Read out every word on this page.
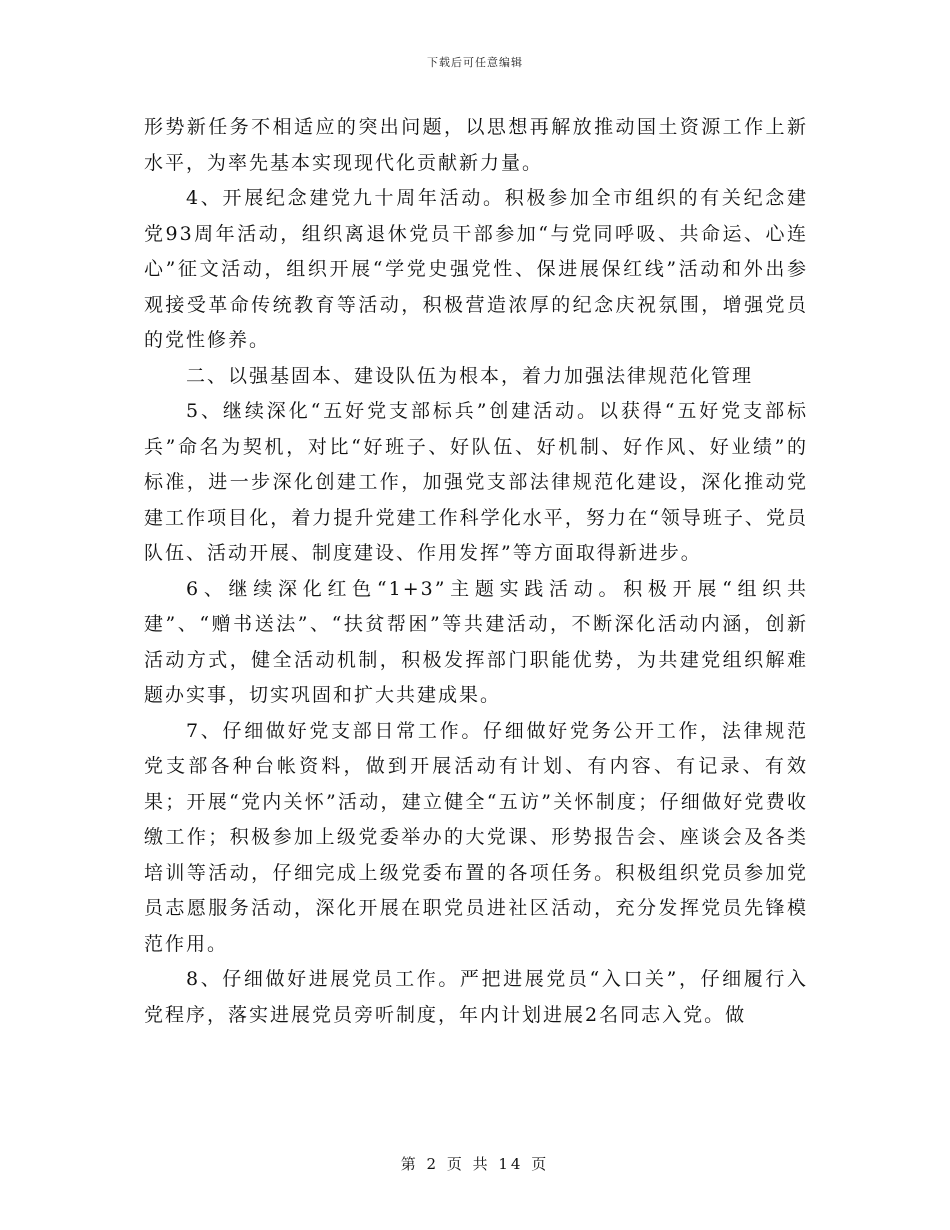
下载后可任意编辑

形势新任务不相适应的突出问题，以思想再解放推动国土资源工作上新水平，为率先基本实现现代化贡献新力量。

4、开展纪念建党九十周年活动。积极参加全市组织的有关纪念建党93周年活动，组织离退休党员干部参加“与党同呼吸、共命运、心连心”征文活动，组织开展“学党史强党性、保进展保红线”活动和外出参观接受革命传统教育等活动，积极营造浓厚的纪念庆祝氛围，增强党员的党性修养。

二、以强基固本、建设队伍为根本，着力加强法律规范化管理

5、继续深化“五好党支部标兵”创建活动。以获得“五好党支部标兵”命名为契机，对比“好班子、好队伍、好机制、好作风、好业绩”的标准，进一步深化创建工作，加强党支部法律规范化建设，深化推动党建工作项目化，着力提升党建工作科学化水平，努力在“领导班子、党员队伍、活动开展、制度建设、作用发挥”等方面取得新进步。

6、继续深化红色“1+3”主题实践活动。积极开展“组织共建”、“赠书送法”、“扶贫帮困”等共建活动，不断深化活动内涵，创新活动方式，健全活动机制，积极发挥部门职能优势，为共建党组织解难题办实事，切实巩固和扩大共建成果。

7、仔细做好党支部日常工作。仔细做好党务公开工作，法律规范党支部各种台帐资料，做到开展活动有计划、有内容、有记录、有效果；开展“党内关怀”活动，建立健全“五访”关怀制度；仔细做好党费收缴工作；积极参加上级党委举办的大党课、形势报告会、座谈会及各类培训等活动，仔细完成上级党委布置的各项任务。积极组织党员参加党员志愿服务活动，深化开展在职党员进社区活动，充分发挥党员先锋模范作用。

8、仔细做好进展党员工作。严把进展党员“入口关”，仔细履行入党程序，落实进展党员旁听制度，年内计划进展2名同志入党。做

第 2 页 共 14 页
